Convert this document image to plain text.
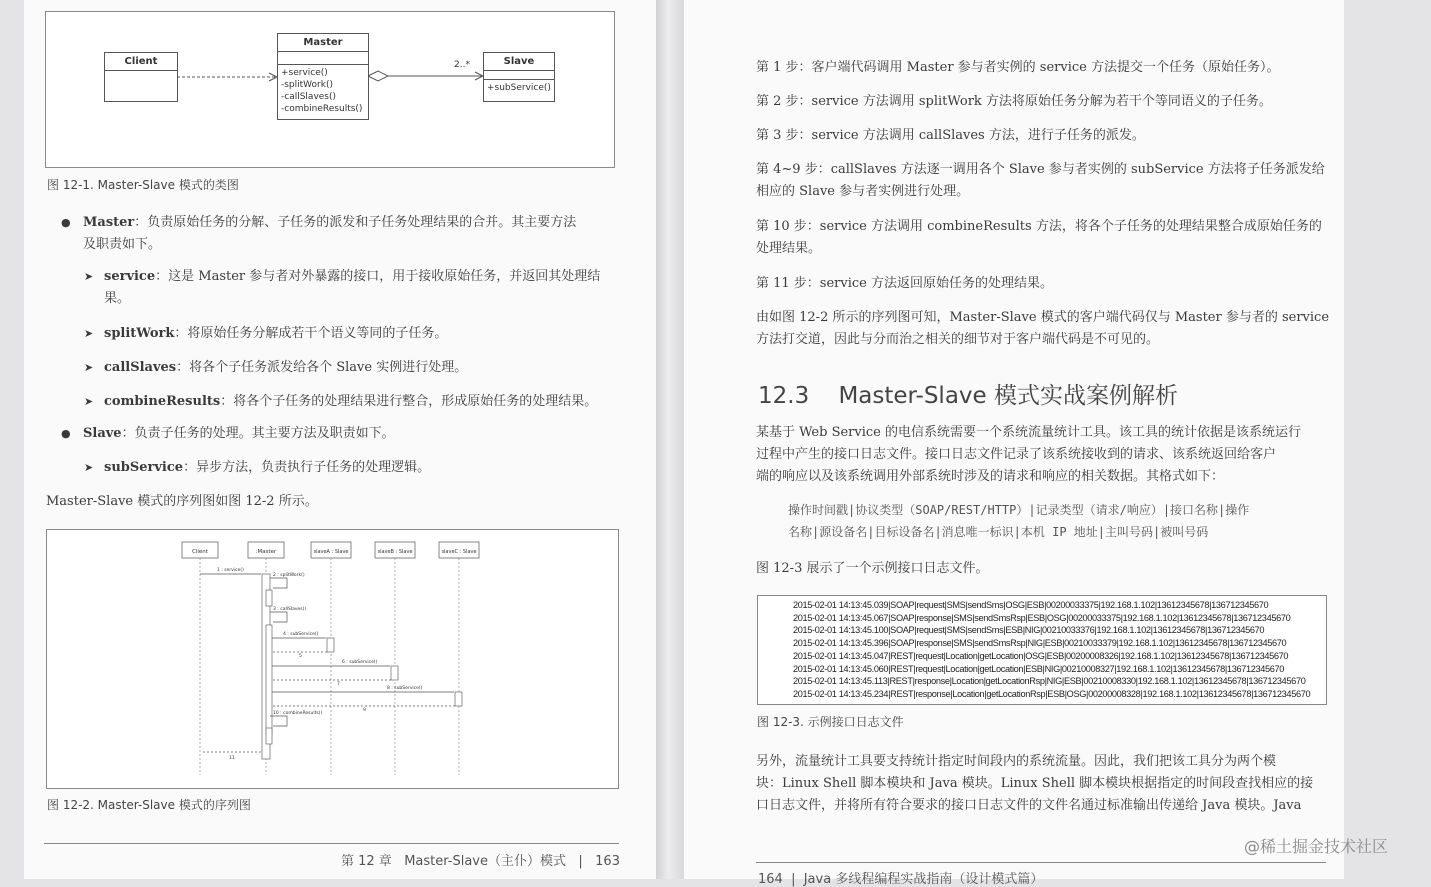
Client
Master
+service()
-splitWork()
-callSlaves()
-combineResults()
2..*	Slave
+subService()
图 12-1. Master-Slave 模式的类图
● Master：负责原始任务的分解、子任务的派发和子任务处理结果的合并。其主要方法
及职责如下。
➤ service：这是 Master 参与者对外暴露的接口，用于接收原始任务，并返回其处理结
果。
➤ splitWork：将原始任务分解成若干个语义等同的子任务。
➤ callSlaves：将各个子任务派发给各个 Slave 实例进行处理。
➤ combineResults：将各个子任务的处理结果进行整合，形成原始任务的处理结果。
● Slave：负责子任务的处理。其主要方法及职责如下。
➤ subService：异步方法，负责执行子任务的处理逻辑。
Master-Slave 模式的序列图如图 12-2 所示。
Client	:Master	slaveA : Slave	slaveB : Slave	slaveC : Slave
1 : service()
2 : splitWork()
3 : callSlaves()
4 : subService()
5
6 : subService()
7
8 : subService()
9
10 : combineResults()
11
图 12-2. Master-Slave 模式的序列图
第 12 章   Master-Slave（主仆）模式   |   163
第 1 步：客户端代码调用 Master 参与者实例的 service 方法提交一个任务（原始任务）。
第 2 步：service 方法调用 splitWork 方法将原始任务分解为若干个等同语义的子任务。
第 3 步：service 方法调用 callSlaves 方法，进行子任务的派发。
第 4~9 步：callSlaves 方法逐一调用各个 Slave 参与者实例的 subService 方法将子任务派发给
相应的 Slave 参与者实例进行处理。
第 10 步：service 方法调用 combineResults 方法，将各个子任务的处理结果整合成原始任务的
处理结果。
第 11 步：service 方法返回原始任务的处理结果。
由如图 12-2 所示的序列图可知，Master-Slave 模式的客户端代码仅与 Master 参与者的 service
方法打交道，因此与分而治之相关的细节对于客户端代码是不可见的。
12.3    Master-Slave 模式实战案例解析
某基于 Web Service 的电信系统需要一个系统流量统计工具。该工具的统计依据是该系统运行
过程中产生的接口日志文件。接口日志文件记录了该系统接收到的请求、该系统返回给客户
端的响应以及该系统调用外部系统时涉及的请求和响应的相关数据。其格式如下：
操作时间戳|协议类型（SOAP/REST/HTTP）|记录类型（请求/响应）|接口名称|操作
名称|源设备名|目标设备名|消息唯一标识|本机 IP 地址|主叫号码|被叫号码
图 12-3 展示了一个示例接口日志文件。
2015-02-01 14:13:45.039|SOAP|request|SMS|sendSms|OSG|ESB|00200033375|192.168.1.102|13612345678|136712345670
2015-02-01 14:13:45.067|SOAP|response|SMS|sendSmsRsp|ESB|OSG|00200033375|192.168.1.102|13612345678|136712345670
2015-02-01 14:13:45.100|SOAP|request|SMS|sendSms|ESB|NIG|00210033376|192.168.1.102|13612345678|136712345670
2015-02-01 14:13:45.396|SOAP|response|SMS|sendSmsRsp|NIG|ESB|00210033379|192.168.1.102|13612345678|136712345670
2015-02-01 14:13:45.047|REST|request|Location|getLocation|OSG|ESB|00200008326|192.168.1.102|13612345678|136712345670
2015-02-01 14:13:45.060|REST|request|Location|getLocation|ESB|NIG|00210008327|192.168.1.102|13612345678|136712345670
2015-02-01 14:13:45.113|REST|response|Location|getLocationRsp|NIG|ESB|00210008330|192.168.1.102|13612345678|136712345670
2015-02-01 14:13:45.234|REST|response|Location|getLocationRsp|ESB|OSG|00200008328|192.168.1.102|13612345678|136712345670
图 12-3. 示例接口日志文件
另外，流量统计工具要支持统计指定时间段内的系统流量。因此，我们把该工具分为两个模
块：Linux Shell 脚本模块和 Java 模块。Linux Shell 脚本模块根据指定的时间段查找相应的接
口日志文件，并将所有符合要求的接口日志文件的文件名通过标准输出传递给 Java 模块。Java
164  |  Java 多线程编程实战指南（设计模式篇）
@稀土掘金技术社区
